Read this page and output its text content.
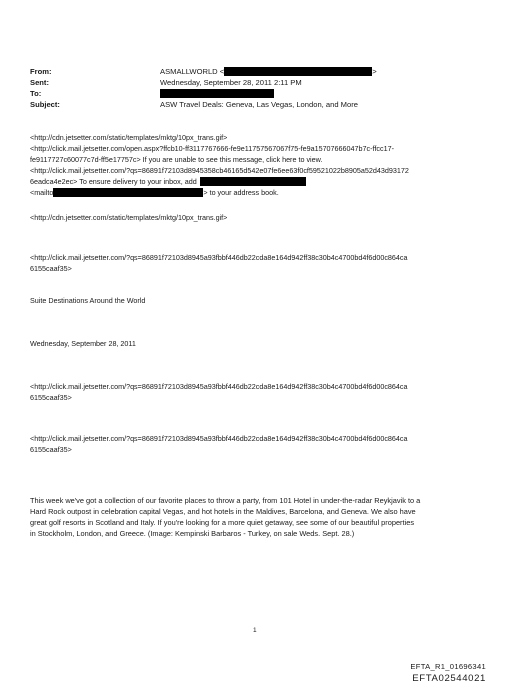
From:	ASMALLWORLD <	>
Sent:	Wednesday, September 28, 2011 2:11 PM
To:
Subject:	ASW Travel Deals: Geneva, Las Vegas, London, and More
<http://cdn.jetsetter.com/static/templates/mktg/10px_trans.gif>
<http://click.mail.jetsetter.com/open.aspx?ffcb10-ff3117767666-fe9e11757567067f75-fe9a15707666047b7c-ffcc17-
fe9117727c60077c7d-ff5e17757c> If you are unable to see this message, click here to view.
<http://click.mail.jetsetter.com/?qs=86891f72103d8945358cb46165d542e07fe6ee63f0cf59521022b8905a52d43d93172
6eadca4e2ec> To ensure delivery to your inbox, add
<mailto	> to your address book.
<http://cdn.jetsetter.com/static/templates/mktg/10px_trans.gif>
<http://click.mail.jetsetter.com/?qs=86891f72103d8945a93fbbf446db22cda8e164d942ff38c30b4c4700bd4f6d00c864ca
6155caaf35>
Suite Destinations Around the World
Wednesday, September 28, 2011
<http://click.mail.jetsetter.com/?qs=86891f72103d8945a93fbbf446db22cda8e164d942ff38c30b4c4700bd4f6d00c864ca
6155caaf35>
<http://click.mail.jetsetter.com/?qs=86891f72103d8945a93fbbf446db22cda8e164d942ff38c30b4c4700bd4f6d00c864ca
6155caaf35>
This week we've got a collection of our favorite places to throw a party, from 101 Hotel in under-the-radar Reykjavik to a
Hard Rock outpost in celebration capital Vegas, and hot hotels in the Maldives, Barcelona, and Geneva. We also have
great golf resorts in Scotland and Italy. If you're looking for a more quiet getaway, see some of our beautiful properties
in Stockholm, London, and Greece. (Image: Kempinski Barbaros - Turkey, on sale Weds. Sept. 28.)
1
EFTA_R1_01696341
EFTA02544021
